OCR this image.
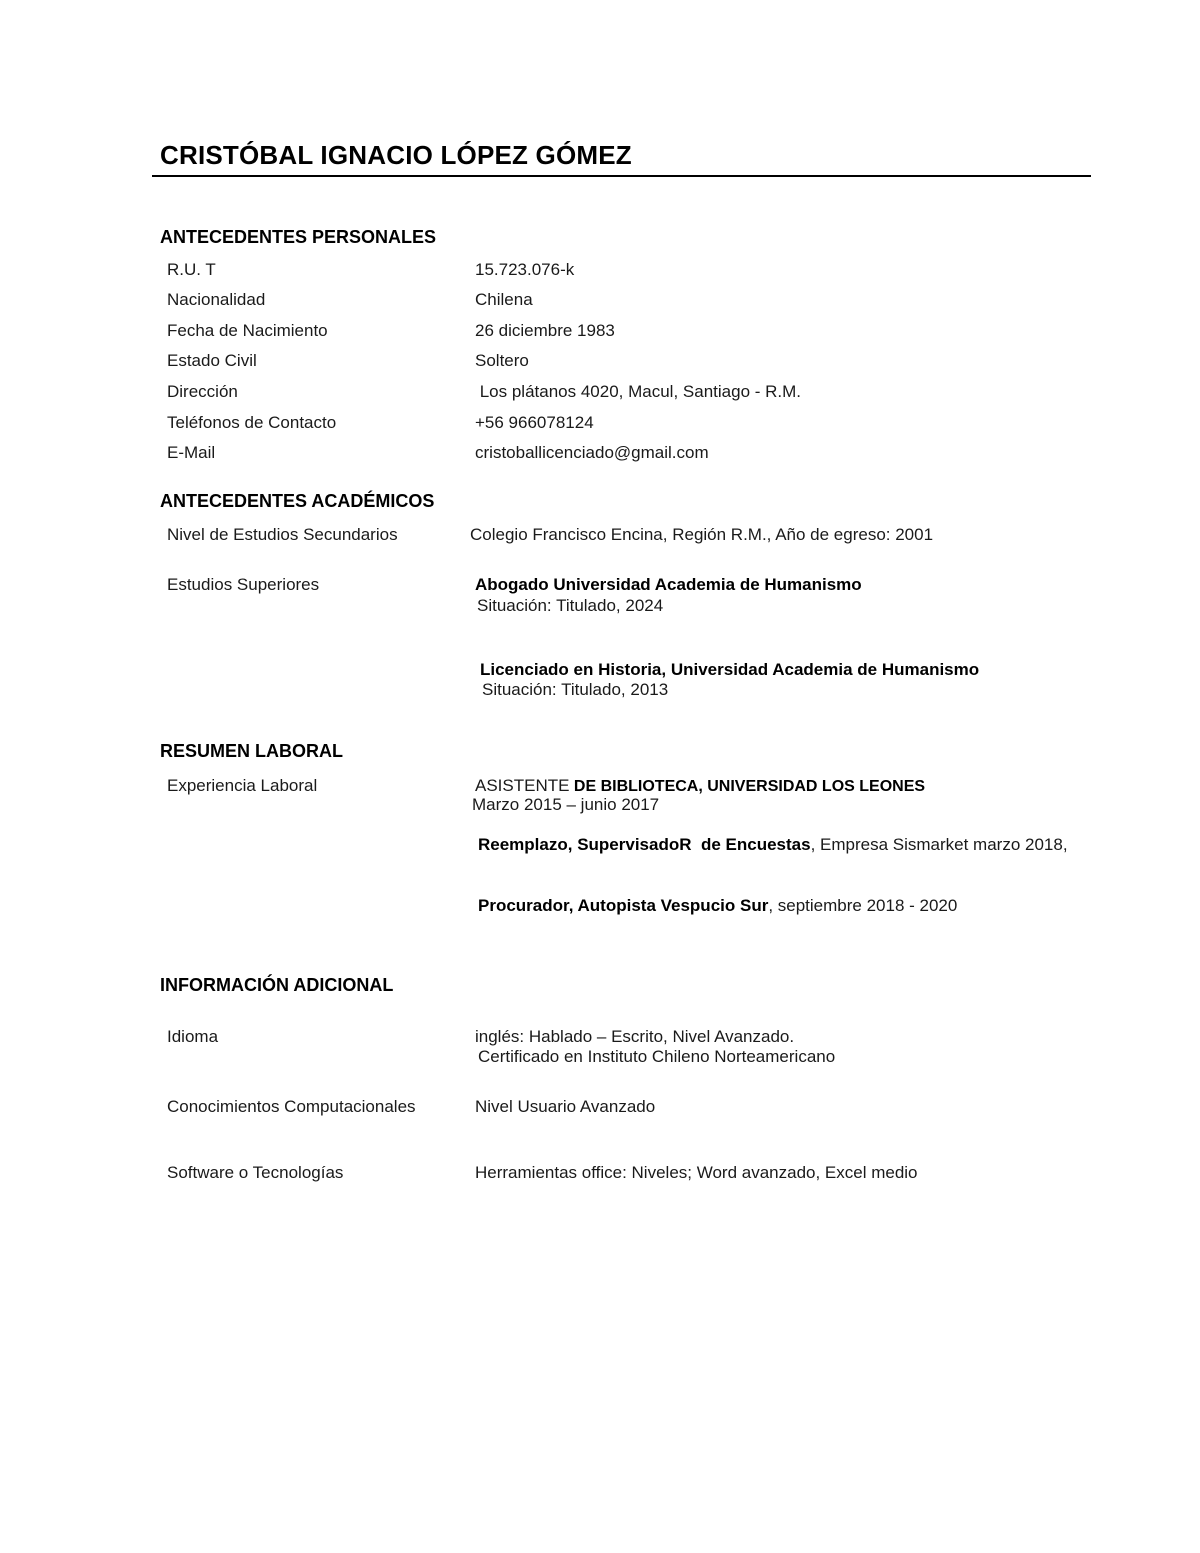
CRISTÓBAL IGNACIO LÓPEZ GÓMEZ
ANTECEDENTES PERSONALES
R.U. T	15.723.076-k
Nacionalidad	Chilena
Fecha de Nacimiento	26 diciembre 1983
Estado Civil	Soltero
Dirección	Los plátanos 4020, Macul, Santiago - R.M.
Teléfonos de Contacto	+56 966078124
E-Mail	cristoballicenciado@gmail.com
ANTECEDENTES ACADÉMICOS
Nivel de Estudios Secundarios	Colegio Francisco Encina, Región R.M., Año de egreso: 2001
Estudios Superiores	Abogado Universidad Academia de Humanismo
Situación: Titulado, 2024
Licenciado en Historia, Universidad Academia de Humanismo
Situación: Titulado, 2013
RESUMEN LABORAL
Experiencia Laboral	ASISTENTE DE BIBLIOTECA, UNIVERSIDAD LOS LEONES
Marzo 2015 – junio 2017
Reemplazo, SupervisadoR  de Encuestas, Empresa Sismarket marzo 2018,
Procurador, Autopista Vespucio Sur, septiembre 2018 - 2020
INFORMACIÓN ADICIONAL
Idioma	inglés: Hablado – Escrito, Nivel Avanzado.
Certificado en Instituto Chileno Norteamericano
Conocimientos Computacionales	Nivel Usuario Avanzado
Software o Tecnologías	Herramientas office: Niveles; Word avanzado, Excel medio
